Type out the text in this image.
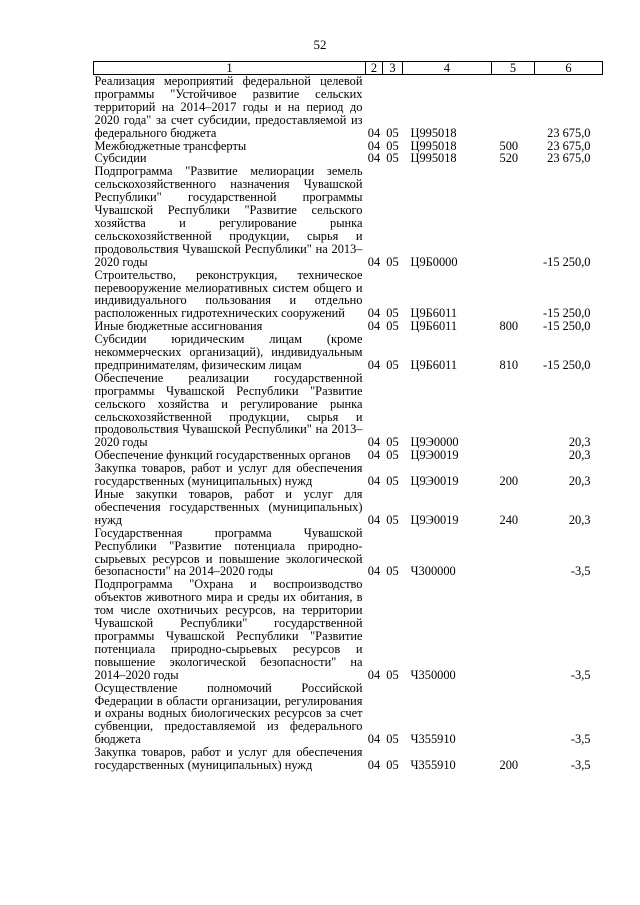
52
1	2	3	4	5	6
Реализация мероприятий федеральной целевой программы "Устойчивое развитие сельских территорий на 2014–2017 годы и на период до 2020 года" за счет субсидии, предоставляемой из федерального бюджета	04	05	Ц995018		23 675,0
Межбюджетные трансферты	04	05	Ц995018	500	23 675,0
Субсидии	04	05	Ц995018	520	23 675,0
Подпрограмма "Развитие мелиорации земель сельскохозяйственного назначения Чувашской Республики" государственной программы Чувашской Республики "Развитие сельского хозяйства и регулирование рынка сельскохозяйственной продукции, сырья и продовольствия Чувашской Республики" на 2013–2020 годы	04	05	Ц9Б0000		-15 250,0
Строительство, реконструкция, техническое перевооружение мелиоративных систем общего и индивидуального пользования и отдельно расположенных гидротехнических сооружений	04	05	Ц9Б6011		-15 250,0
Иные бюджетные ассигнования	04	05	Ц9Б6011	800	-15 250,0
Субсидии юридическим лицам (кроме некоммерческих организаций), индивидуальным предпринимателям, физическим лицам	04	05	Ц9Б6011	810	-15 250,0
Обеспечение реализации государственной программы Чувашской Республики "Развитие сельского хозяйства и регулирование рынка сельскохозяйственной продукции, сырья и продовольствия Чувашской Республики" на 2013–2020 годы	04	05	Ц9Э0000		20,3
Обеспечение функций государственных органов	04	05	Ц9Э0019		20,3
Закупка товаров, работ и услуг для обеспечения государственных (муниципальных) нужд	04	05	Ц9Э0019	200	20,3
Иные закупки товаров, работ и услуг для обеспечения государственных (муниципальных) нужд	04	05	Ц9Э0019	240	20,3
Государственная программа Чувашской Республики "Развитие потенциала природно-сырьевых ресурсов и повышение экологической безопасности" на 2014–2020 годы	04	05	Ч300000		-3,5
Подпрограмма "Охрана и воспроизводство объектов животного мира и среды их обитания, в том числе охотничьих ресурсов, на территории Чувашской Республики" государственной программы Чувашской Республики "Развитие потенциала природно-сырьевых ресурсов и повышение экологической безопасности" на 2014–2020 годы	04	05	Ч350000		-3,5
Осуществление полномочий Российской Федерации в области организации, регулирования и охраны водных биологических ресурсов за счет субвенции, предоставляемой из федерального бюджета	04	05	Ч355910		-3,5
Закупка товаров, работ и услуг для обеспечения государственных (муниципальных) нужд	04	05	Ч355910	200	-3,5
